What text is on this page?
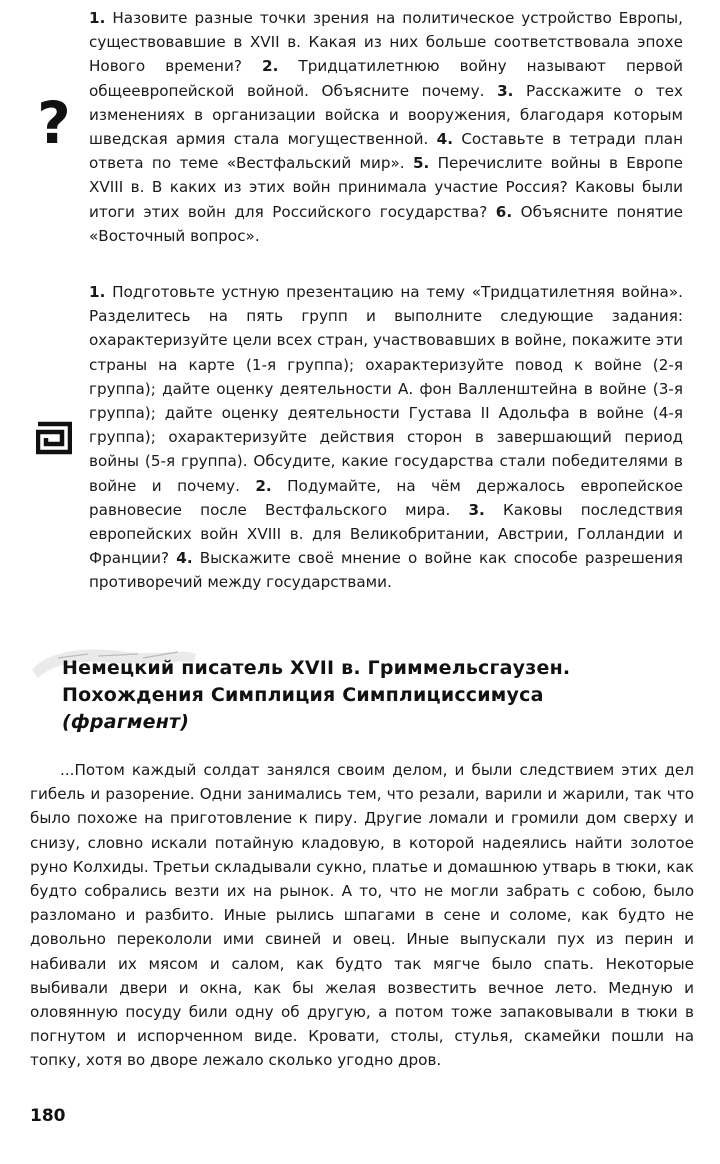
?
1. Назовите разные точки зрения на политическое устройство Европы, существовавшие в XVII в. Какая из них больше соответствовала эпохе Нового времени? 2. Тридцатилетнюю войну называют первой общеевропейской войной. Объясните почему. 3. Расскажите о тех изменениях в организации войска и вооружения, благодаря которым шведская армия стала могущественной. 4. Составьте в тетради план ответа по теме «Вестфальский мир». 5. Перечислите войны в Европе XVIII в. В каких из этих войн принимала участие Россия? Каковы были итоги этих войн для Российского государства? 6. Объясните понятие «Восточный вопрос».
1. Подготовьте устную презентацию на тему «Тридцатилетняя война». Разделитесь на пять групп и выполните следующие задания: охарактеризуйте цели всех стран, участвовавших в войне, покажите эти страны на карте (1-я группа); охарактеризуйте повод к войне (2-я группа); дайте оценку деятельности А. фон Валленштейна в войне (3-я группа); дайте оценку деятельности Густава II Адольфа в войне (4-я группа); охарактеризуйте действия сторон в завершающий период войны (5-я группа). Обсудите, какие государства стали победителями в войне и почему. 2. Подумайте, на чём держалось европейское равновесие после Вестфальского мира. 3. Каковы последствия европейских войн XVIII в. для Великобритании, Австрии, Голландии и Франции? 4. Выскажите своё мнение о войне как способе разрешения противоречий между государствами.
Немецкий писатель XVII в. Гриммельсгаузен.
Похождения Симплиция Симплициссимуса
(фрагмент)

...Потом каждый солдат занялся своим делом, и были следствием этих дел гибель и разорение. Одни занимались тем, что резали, варили и жарили, так что было похоже на приготовление к пиру. Другие ломали и громили дом сверху и снизу, словно искали потайную кладовую, в которой надеялись найти золотое руно Колхиды. Третьи складывали сукно, платье и домашнюю утварь в тюки, как будто собрались везти их на рынок. А то, что не могли забрать с собою, было разломано и разбито. Иные рылись шпагами в сене и соломе, как будто не довольно перекололи ими свиней и овец. Иные выпускали пух из перин и набивали их мясом и салом, как будто так мягче было спать. Некоторые выбивали двери и окна, как бы желая возвестить вечное лето. Медную и оловянную посуду били одну об другую, а потом тоже запаковывали в тюки в погнутом и испорченном виде. Кровати, столы, стулья, скамейки пошли на топку, хотя во дворе лежало сколько угодно дров.

180
